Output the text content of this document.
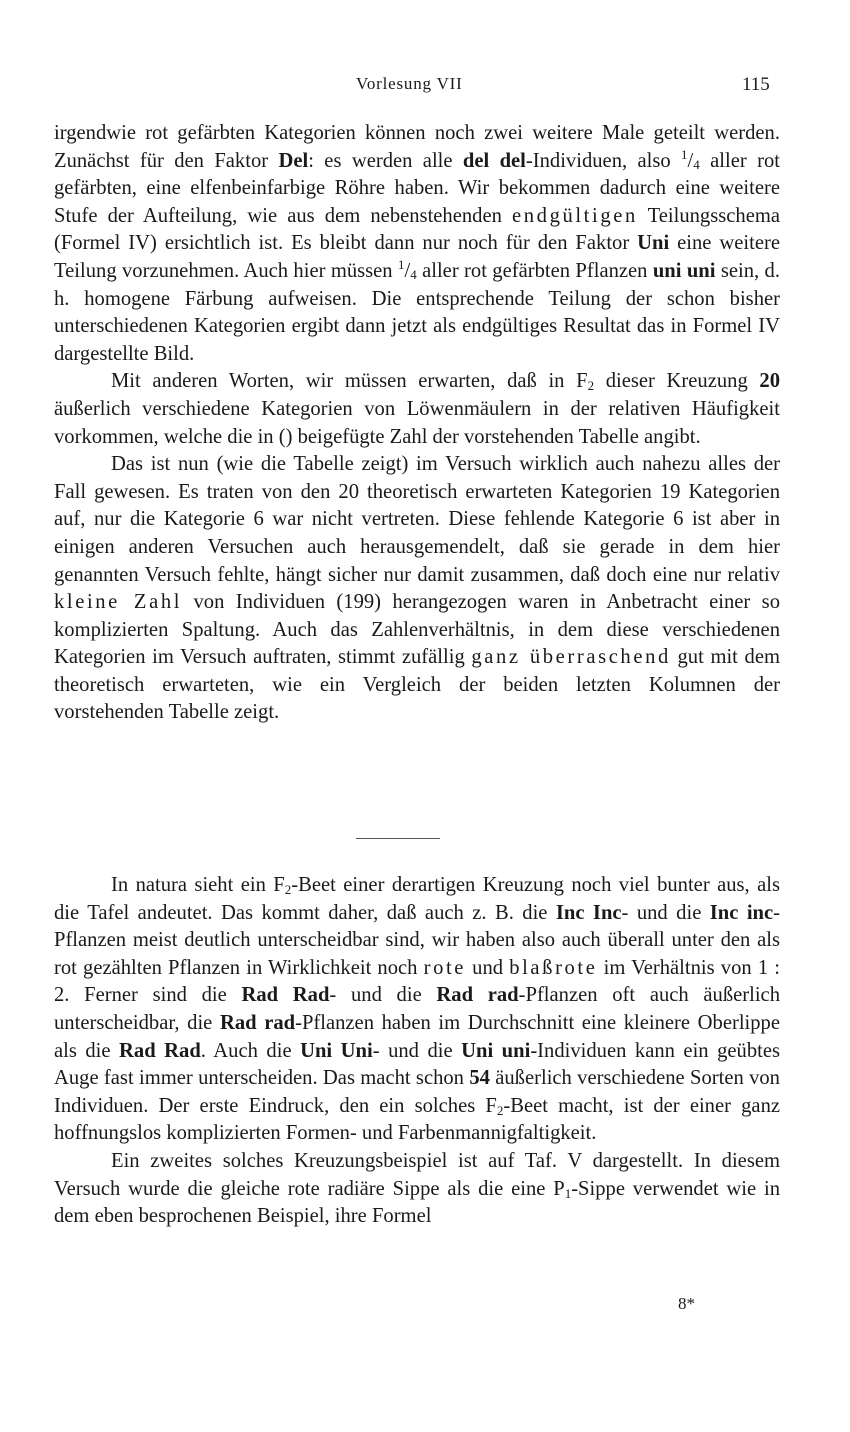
Vorlesung VII	115

irgendwie rot gefärbten Kategorien können noch zwei weitere Male geteilt werden. Zunächst für den Faktor Del: es werden alle del del-Individuen, also $^1$/4 aller rot gefärbten, eine elfenbeinfarbige Röhre haben. Wir bekommen dadurch eine weitere Stufe der Aufteilung, wie aus dem nebenstehenden endgültigen Teilungsschema (Formel IV) ersichtlich ist. Es bleibt dann nur noch für den Faktor Uni eine weitere Teilung vorzunehmen. Auch hier müssen $^1$/4 aller rot gefärbten Pflanzen uni uni sein, d. h. homogene Färbung aufweisen. Die entsprechende Teilung der schon bisher unterschiedenen Kategorien ergibt dann jetzt als endgültiges Resultat das in Formel IV dargestellte Bild.

Mit anderen Worten, wir müssen erwarten, daß in $F_2$ dieser Kreuzung 20 äußerlich verschiedene Kategorien von Löwenmäulern in der relativen Häufigkeit vorkommen, welche die in () beigefügte Zahl der vorstehenden Tabelle angibt.

Das ist nun (wie die Tabelle zeigt) im Versuch wirklich auch nahezu alles der Fall gewesen. Es traten von den 20 theoretisch erwarteten Kategorien 19 Kategorien auf, nur die Kategorie 6 war nicht vertreten. Diese fehlende Kategorie 6 ist aber in einigen anderen Versuchen auch herausgemendelt, daß sie gerade in dem hier genannten Versuch fehlte, hängt sicher nur damit zusammen, daß doch eine nur relativ kleine Zahl von Individuen (199) herangezogen waren in Anbetracht einer so komplizierten Spaltung. Auch das Zahlenverhältnis, in dem diese verschiedenen Kategorien im Versuch auftraten, stimmt zufällig ganz überraschend gut mit dem theoretisch erwarteten, wie ein Vergleich der beiden letzten Kolumnen der vorstehenden Tabelle zeigt.

In natura sieht ein $F_2$-Beet einer derartigen Kreuzung noch viel bunter aus, als die Tafel andeutet. Das kommt daher, daß auch z. B. die Inc Inc- und die Inc inc-Pflanzen meist deutlich unterscheidbar sind, wir haben also auch überall unter den als rot gezählten Pflanzen in Wirklichkeit noch rote und blaßrote im Verhältnis von 1 : 2. Ferner sind die Rad Rad- und die Rad rad-Pflanzen oft auch äußerlich unterscheidbar, die Rad rad-Pflanzen haben im Durchschnitt eine kleinere Oberlippe als die Rad Rad. Auch die Uni Uni- und die Uni uni-Individuen kann ein geübtes Auge fast immer unterscheiden. Das macht schon 54 äußerlich verschiedene Sorten von Individuen. Der erste Eindruck, den ein solches $F_2$-Beet macht, ist der einer ganz hoffnungslos komplizierten Formen- und Farbenmannigfaltigkeit.

Ein zweites solches Kreuzungsbeispiel ist auf Taf. V dargestellt. In diesem Versuch wurde die gleiche rote radiäre Sippe als die eine $P_1$-Sippe verwendet wie in dem eben besprochenen Beispiel, ihre Formel

8*
